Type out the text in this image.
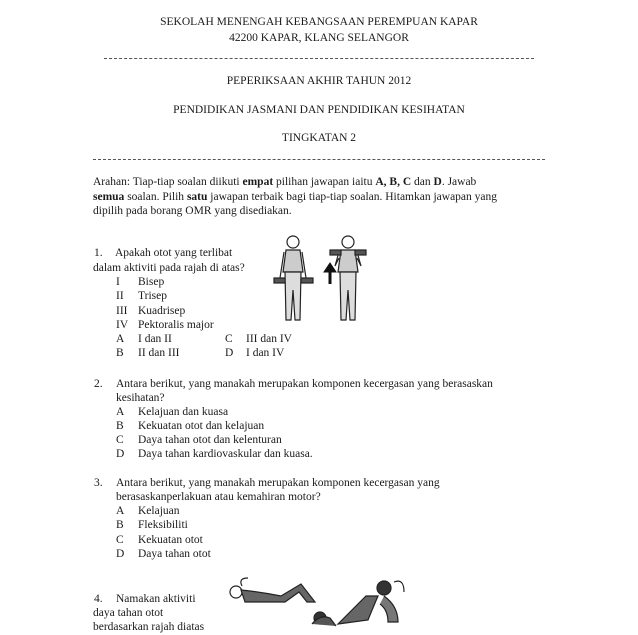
SEKOLAH MENENGAH KEBANGSAAN PEREMPUAN KAPAR
42200 KAPAR, KLANG SELANGOR
PEPERIKSAAN AKHIR TAHUN 2012
PENDIDIKAN JASMANI DAN PENDIDIKAN KESIHATAN
TINGKATAN 2
Arahan: Tiap-tiap soalan diikuti empat pilihan jawapan iaitu A, B, C dan D. Jawab
semua soalan. Pilih satu jawapan terbaik bagi tiap-tiap soalan. Hitamkan jawapan yang
dipilih pada borang OMR yang disediakan.
1. Apakah otot yang terlibat
dalam aktiviti pada rajah di atas?
I Bisep
II Trisep
III Kuadrisep
IV Pektoralis major
A I dan II	C III dan IV
B II dan III	D I dan IV
2. Antara berikut, yang manakah merupakan komponen kecergasan yang berasaskan
kesihatan?
A Kelajuan dan kuasa
B Kekuatan otot dan kelajuan
C Daya tahan otot dan kelenturan
D Daya tahan kardiovaskular dan kuasa.
3. Antara berikut, yang manakah merupakan komponen kecergasan yang
berasaskanperlakuan atau kemahiran motor?
A Kelajuan
B Fleksibiliti
C Kekuatan otot
D Daya tahan otot
4. Namakan aktiviti
daya tahan otot
berdasarkan rajah diatas
